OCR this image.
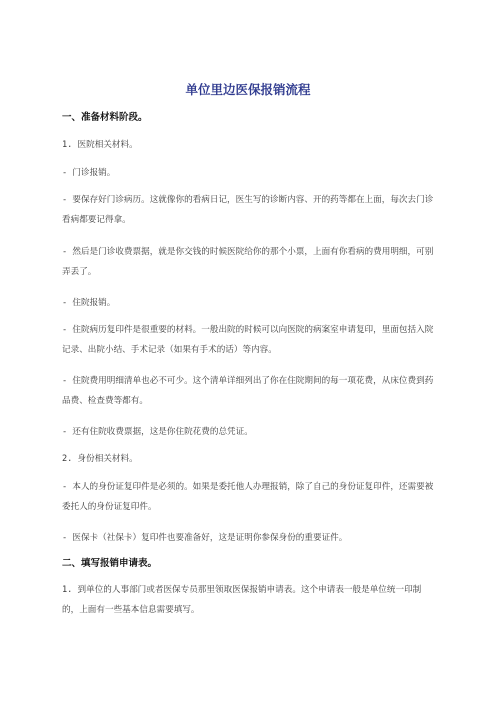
单位里边医保报销流程
一、准备材料阶段。
1. 医院相关材料。
- 门诊报销。
- 要保存好门诊病历。这就像你的看病日记，医生写的诊断内容、开的药等都在上面，每次去门诊看病都要记得拿。
- 然后是门诊收费票据，就是你交钱的时候医院给你的那个小票，上面有你看病的费用明细，可别弄丢了。
- 住院报销。
- 住院病历复印件是很重要的材料。一般出院的时候可以向医院的病案室申请复印，里面包括入院记录、出院小结、手术记录（如果有手术的话）等内容。
- 住院费用明细清单也必不可少。这个清单详细列出了你在住院期间的每一项花费，从床位费到药品费、检查费等都有。
- 还有住院收费票据，这是你住院花费的总凭证。
2. 身份相关材料。
- 本人的身份证复印件是必须的。如果是委托他人办理报销，除了自己的身份证复印件，还需要被委托人的身份证复印件。
- 医保卡（社保卡）复印件也要准备好，这是证明你参保身份的重要证件。
二、填写报销申请表。
1. 到单位的人事部门或者医保专员那里领取医保报销申请表。这个申请表一般是单位统一印制的，上面有一些基本信息需要填写。
